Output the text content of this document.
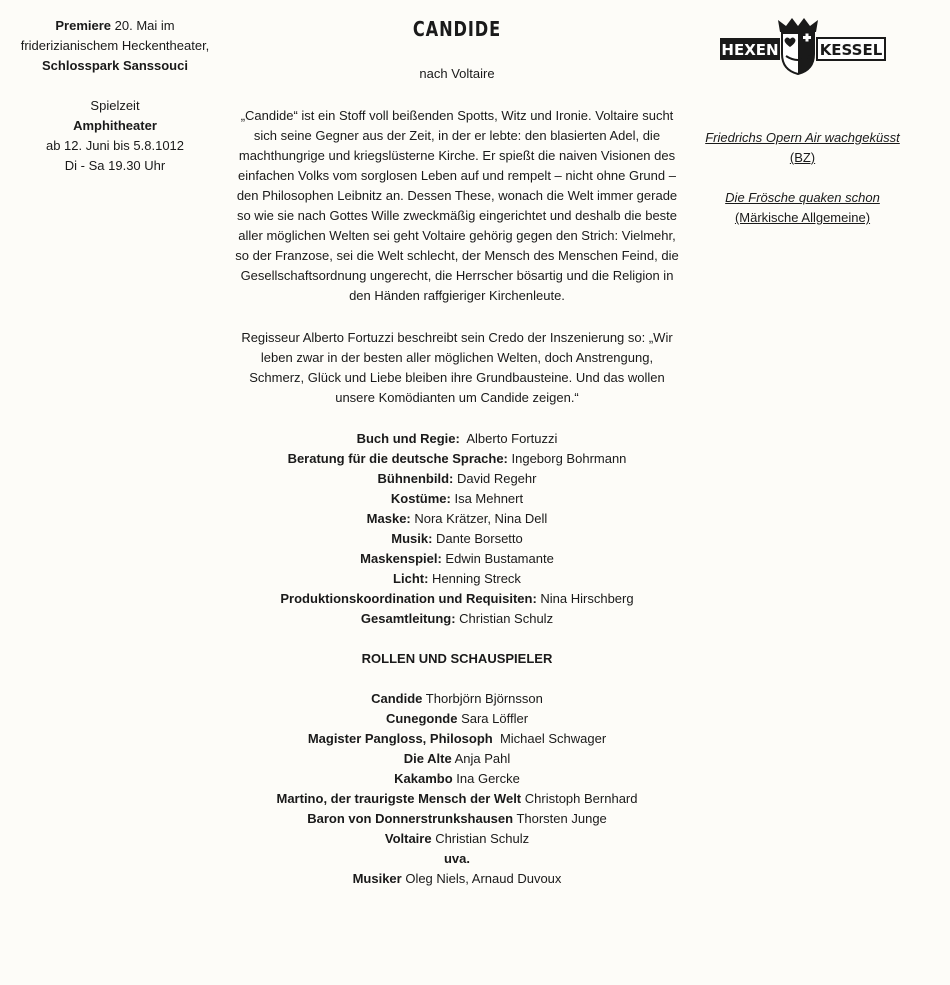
Premiere 20. Mai im
friderizianischem Heckentheater,
Schlosspark Sanssouci
Spielzeit
Amphitheater
ab 12. Juni bis 5.8.1012
Di - Sa 19.30 Uhr
CANDIDE
nach Voltaire
„Candide“ ist ein Stoff voll beißenden Spotts, Witz und Ironie. Voltaire sucht sich seine Gegner aus der Zeit, in der er lebte: den blasierten Adel, die machthungrige und kriegslüsterne Kirche. Er spießt die naiven Visionen des einfachen Volks vom sorglosen Leben auf und rempelt – nicht ohne Grund – den Philosophen Leibnitz an. Dessen These, wonach die Welt immer gerade so wie sie nach Gottes Wille zweckmäßig eingerichtet und deshalb die beste aller möglichen Welten sei geht Voltaire gehörig gegen den Strich: Vielmehr, so der Franzose, sei die Welt schlecht, der Mensch des Menschen Feind, die Gesellschaftsordnung ungerecht, die Herrscher bösartig und die Religion in den Händen raffgieriger Kirchenleute.
Regisseur Alberto Fortuzzi beschreibt sein Credo der Inszenierung so: „Wir leben zwar in der besten aller möglichen Welten, doch Anstrengung, Schmerz, Glück und Liebe bleiben ihre Grundbausteine. Und das wollen unsere Komödianten um Candide zeigen.“
Buch und Regie:  Alberto Fortuzzi
Beratung für die deutsche Sprache: Ingeborg Bohrmann
Bühnenbild: David Regehr
Kostüme: Isa Mehnert
Maske: Nora Krätzer, Nina Dell
Musik: Dante Borsetto
Maskenspiel: Edwin Bustamante
Licht: Henning Streck
Produktionskoordination und Requisiten: Nina Hirschberg
Gesamtleitung: Christian Schulz
ROLLEN UND SCHAUSPIELER
Candide Thorbjörn Björnsson
Cunegonde Sara Löffler
Magister Pangloss, Philosoph  Michael Schwager
Die Alte Anja Pahl
Kakambo Ina Gercke
Martino, der traurigste Mensch der Welt Christoph Bernhard
Baron von Donnerstrunkshausen Thorsten Junge
Voltaire Christian Schulz
uva.
Musiker Oleg Niels, Arnaud Duvoux
HEXEN	KESSEL
Friedrichs Opern Air wachgeküsst
(BZ)
Die Frösche quaken schon
(Märkische Allgemeine)
